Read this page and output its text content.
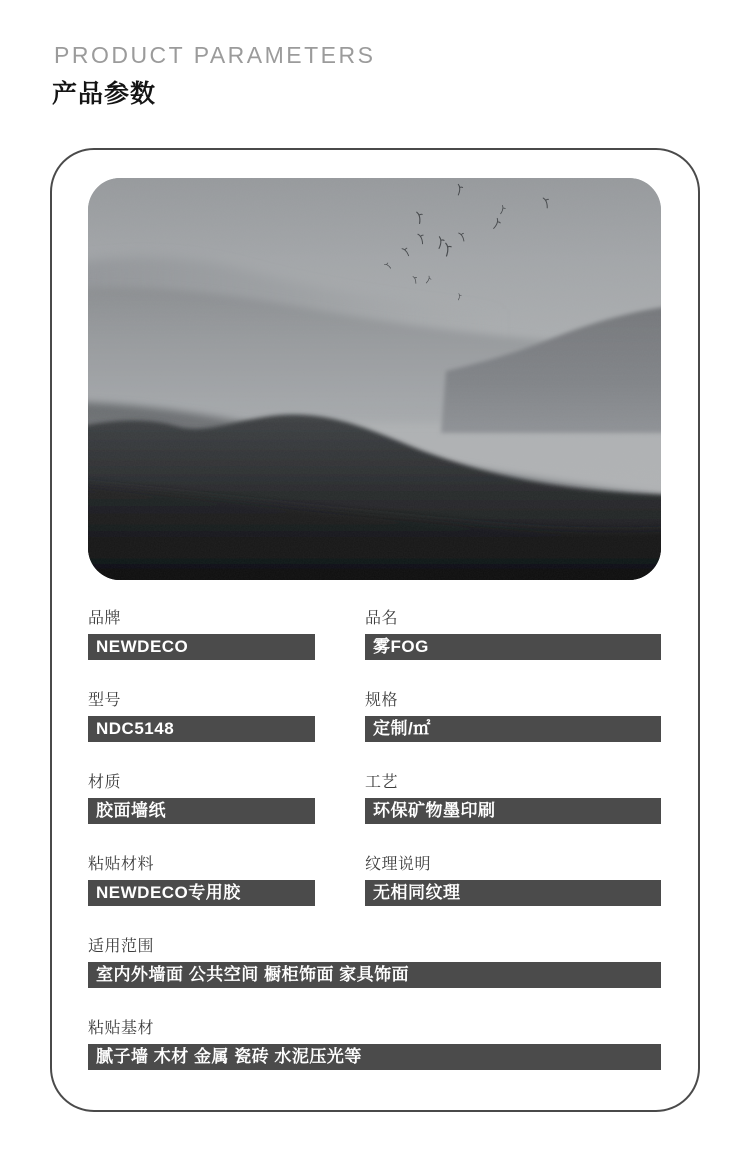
PRODUCT PARAMETERS
产品参数
品牌
NEWDECO
品名
雾FOG
型号
NDC5148
规格
定制/㎡
材质
胶面墙纸
工艺
环保矿物墨印刷
粘贴材料
NEWDECO专用胶
纹理说明
无相同纹理
适用范围
室内外墙面 公共空间 橱柜饰面 家具饰面
粘贴基材
腻子墙 木材 金属 瓷砖 水泥压光等
